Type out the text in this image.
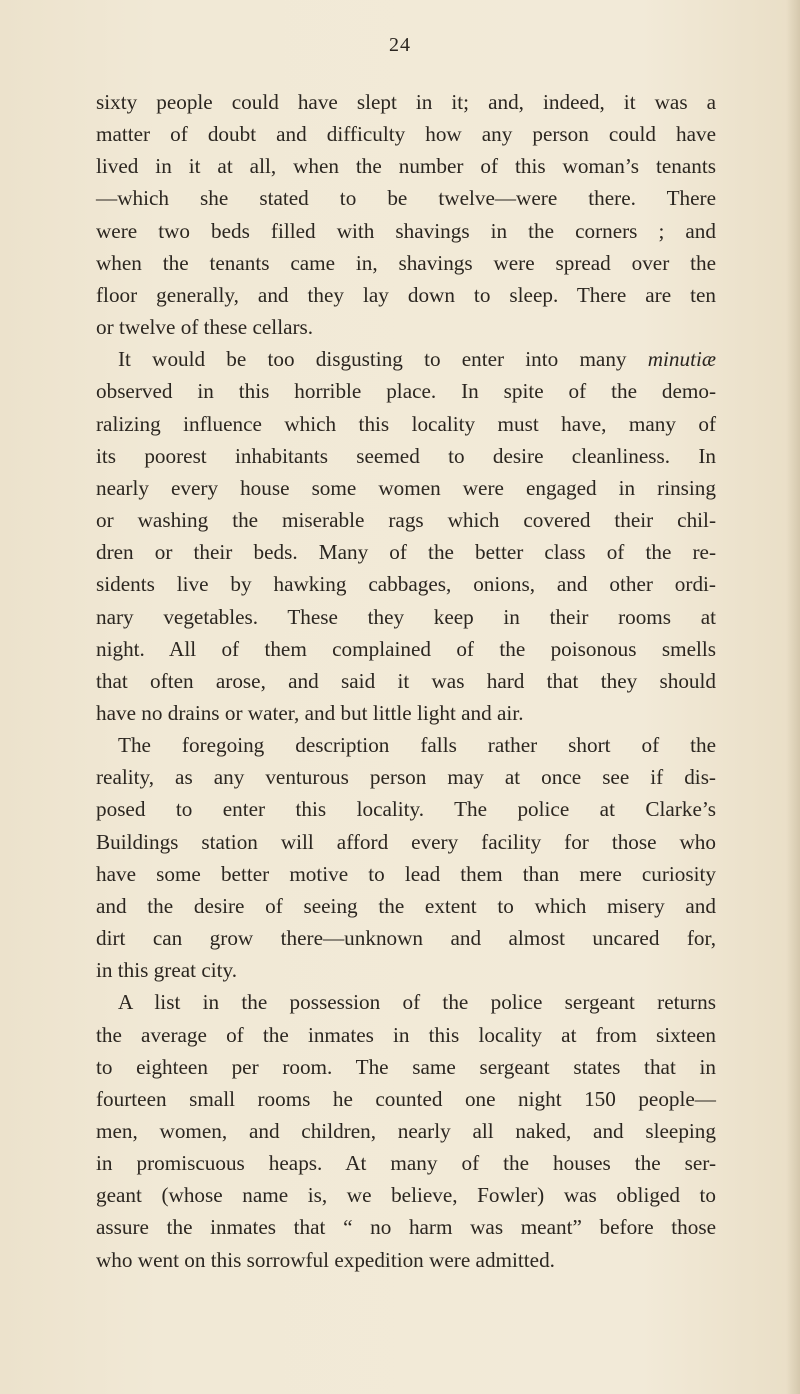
24
sixty people could have slept in it; and, indeed, it was a
matter of doubt and difficulty how any person could have
lived in it at all, when the number of this woman’s tenants
—which she stated to be twelve—were there. There
were two beds filled with shavings in the corners ; and
when the tenants came in, shavings were spread over the
floor generally, and they lay down to sleep. There are ten
or twelve of these cellars.
It would be too disgusting to enter into many minutiæ
observed in this horrible place. In spite of the demo-
ralizing influence which this locality must have, many of
its poorest inhabitants seemed to desire cleanliness. In
nearly every house some women were engaged in rinsing
or washing the miserable rags which covered their chil-
dren or their beds. Many of the better class of the re-
sidents live by hawking cabbages, onions, and other ordi-
nary vegetables. These they keep in their rooms at
night. All of them complained of the poisonous smells
that often arose, and said it was hard that they should
have no drains or water, and but little light and air.
The foregoing description falls rather short of the
reality, as any venturous person may at once see if dis-
posed to enter this locality. The police at Clarke’s
Buildings station will afford every facility for those who
have some better motive to lead them than mere curiosity
and the desire of seeing the extent to which misery and
dirt can grow there—unknown and almost uncared for,
in this great city.
A list in the possession of the police sergeant returns
the average of the inmates in this locality at from sixteen
to eighteen per room. The same sergeant states that in
fourteen small rooms he counted one night 150 people—
men, women, and children, nearly all naked, and sleeping
in promiscuous heaps. At many of the houses the ser-
geant (whose name is, we believe, Fowler) was obliged to
assure the inmates that “ no harm was meant” before those
who went on this sorrowful expedition were admitted.
